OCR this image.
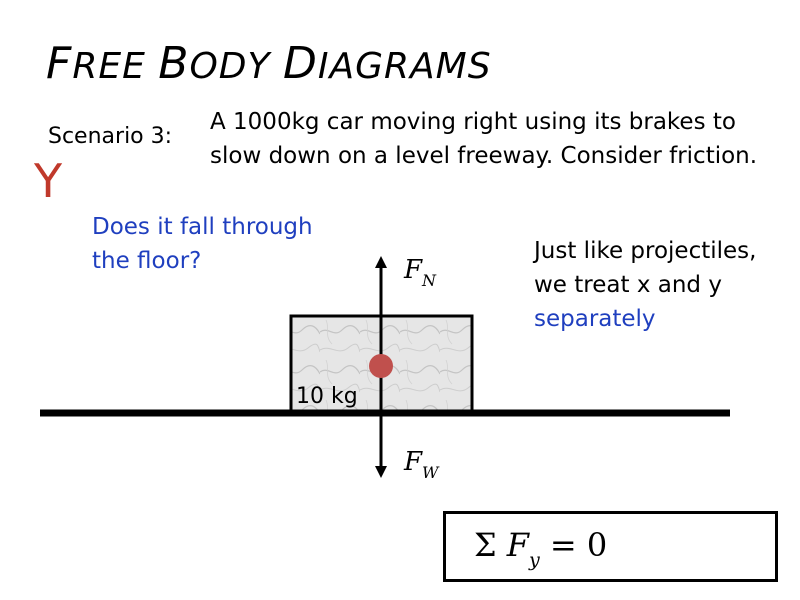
FREE BODY DIAGRAMS
Scenario 3:
A 1000kg car moving right using its brakes to
slow down on a level freeway. Consider friction.
Y
Does it fall through the floor?	Just like projectiles, we treat x and y
separately
10 kg
$F_N$
$F_W$
Σ $F_y = 0$
